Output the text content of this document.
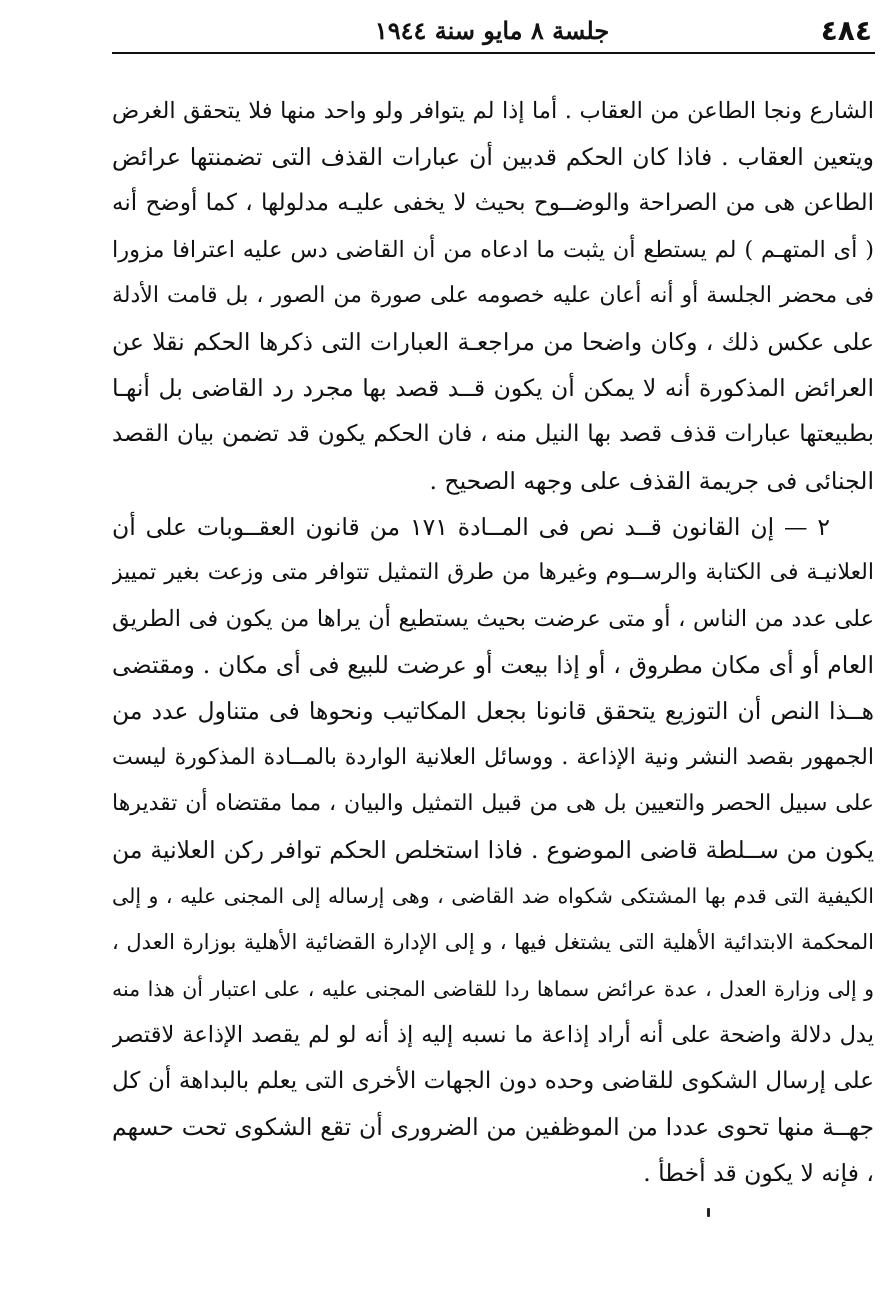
٤٨٤
جلسة ٨ مايو سنة ١٩٤٤
الشارع ونجا الطاعن من العقاب . أما إذا لم يتوافر ولو واحد منها فلا يتحقق الغرض
ويتعين العقاب . فاذا كان الحكم قدبين أن عبارات القذف التى تضمنتها عرائض
الطاعن هى من الصراحة والوضــوح بحيث لا يخفى عليـه مدلولها ، كما أوضح أنه
( أى المتهـم ) لم يستطع أن يثبت ما ادعاه من أن القاضى دس عليه اعترافا مزورا
فى محضر الجلسة أو أنه أعان عليه خصومه على صورة من الصور ، بل قامت الأدلة
على عكس ذلك ، وكان واضحا من مراجعـة العبارات التى ذكرها الحكم نقلا عن
العرائض المذكورة أنه لا يمكن أن يكون قــد قصد بها مجرد رد القاضى بل أنهـا
بطبيعتها عبارات قذف قصد بها النيل منه ، فان الحكم يكون قد تضمن بيان القصد
الجنائى فى جريمة القذف على وجهه الصحيح .
٢ — إن القانون قــد نص فى المــادة ١٧١ من قانون العقــوبات على أن
العلانيـة فى الكتابة والرســوم وغيرها من طرق التمثيل تتوافر متى وزعت بغير تمييز
على عدد من الناس ، أو متى عرضت بحيث يستطيع أن يراها من يكون فى الطريق
العام أو أى مكان مطروق ، أو إذا بيعت أو عرضت للبيع فى أى مكان . ومقتضى
هــذا النص أن التوزيع يتحقق قانونا بجعل المكاتيب ونحوها فى متناول عدد من
الجمهور بقصد النشر ونية الإذاعة . ووسائل العلانية الواردة بالمــادة المذكورة ليست
على سبيل الحصر والتعيين بل هى من قبيل التمثيل والبيان ، مما مقتضاه أن تقديرها
يكون من ســلطة قاضى الموضوع . فاذا استخلص الحكم توافر ركن العلانية من
الكيفية التى قدم بها المشتكى شكواه ضد القاضى ، وهى إرساله إلى المجنى عليه ، و إلى
المحكمة الابتدائية الأهلية التى يشتغل فيها ، و إلى الإدارة القضائية الأهلية بوزارة العدل ،
و إلى وزارة العدل ، عدة عرائض سماها ردا للقاضى المجنى عليه ، على اعتبار أن هذا منه
يدل دلالة واضحة على أنه أراد إذاعة ما نسبه إليه إذ أنه لو لم يقصد الإذاعة لاقتصر
على إرسال الشكوى للقاضى وحده دون الجهات الأخرى التى يعلم بالبداهة أن كل
جهــة منها تحوى عددا من الموظفين من الضرورى أن تقع الشكوى تحت حسهم
، فإنه لا يكون قد أخطأ .
